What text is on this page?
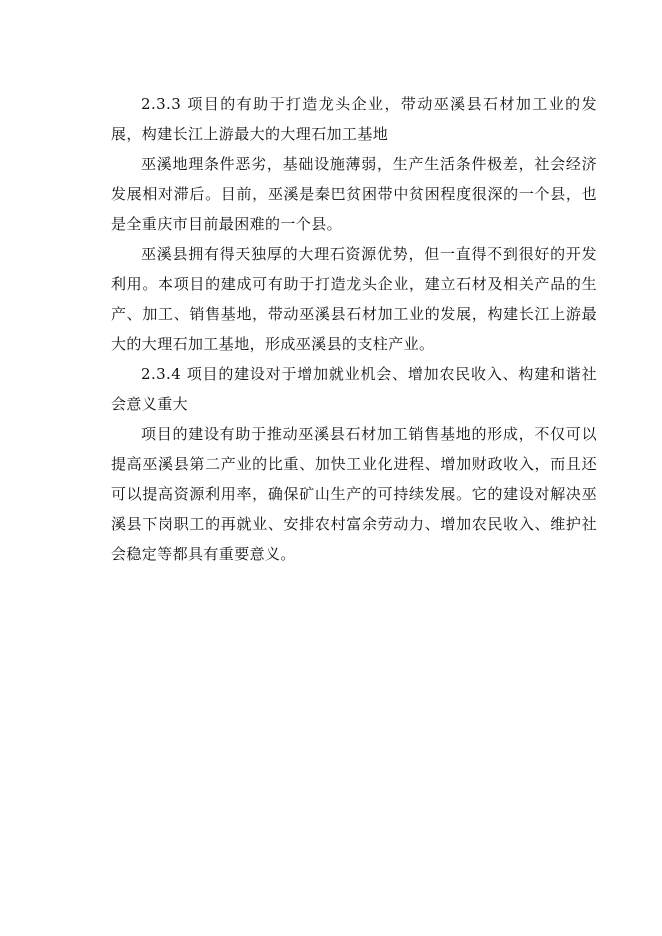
2.3.3 项目的有助于打造龙头企业，带动巫溪县石材加工业的发展，构建长江上游最大的大理石加工基地

巫溪地理条件恶劣，基础设施薄弱，生产生活条件极差，社会经济发展相对滞后。目前，巫溪是秦巴贫困带中贫困程度很深的一个县，也是全重庆市目前最困难的一个县。

巫溪县拥有得天独厚的大理石资源优势，但一直得不到很好的开发利用。本项目的建成可有助于打造龙头企业，建立石材及相关产品的生产、加工、销售基地，带动巫溪县石材加工业的发展，构建长江上游最大的大理石加工基地，形成巫溪县的支柱产业。

2.3.4 项目的建设对于增加就业机会、增加农民收入、构建和谐社会意义重大

项目的建设有助于推动巫溪县石材加工销售基地的形成，不仅可以提高巫溪县第二产业的比重、加快工业化进程、增加财政收入，而且还可以提高资源利用率，确保矿山生产的可持续发展。它的建设对解决巫溪县下岗职工的再就业、安排农村富余劳动力、增加农民收入、维护社会稳定等都具有重要意义。
